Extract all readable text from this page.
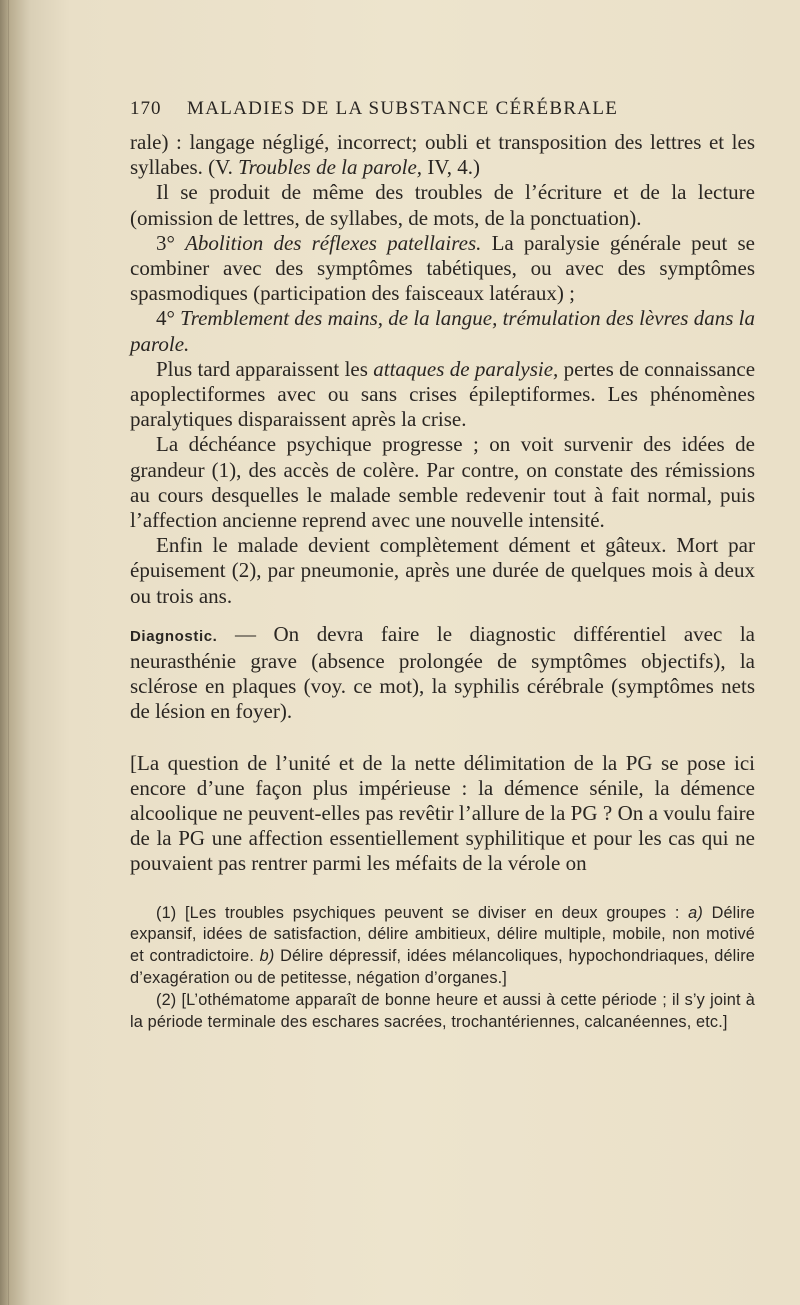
170 MALADIES DE LA SUBSTANCE CÉRÉBRALE

rale) : langage négligé, incorrect; oubli et transposition des lettres et les syllabes. (V. Troubles de la parole, IV, 4.)

Il se produit de même des troubles de l’écriture et de la lecture (omission de lettres, de syllabes, de mots, de la ponctuation).

3° Abolition des réflexes patellaires. La paralysie générale peut se combiner avec des symptômes tabétiques, ou avec des symptômes spasmodiques (participation des faisceaux latéraux) ;

4° Tremblement des mains, de la langue, trémulation des lèvres dans la parole.

Plus tard apparaissent les attaques de paralysie, pertes de connaissance apoplectiformes avec ou sans crises épileptiformes. Les phénomènes paralytiques disparaissent après la crise.

La déchéance psychique progresse ; on voit survenir des idées de grandeur (1), des accès de colère. Par contre, on constate des rémissions au cours desquelles le malade semble redevenir tout à fait normal, puis l’affection ancienne reprend avec une nouvelle intensité.

Enfin le malade devient complètement dément et gâteux. Mort par épuisement (2), par pneumonie, après une durée de quelques mois à deux ou trois ans.

Diagnostic. — On devra faire le diagnostic différentiel avec la neurasthénie grave (absence prolongée de symptômes objectifs), la sclérose en plaques (voy. ce mot), la syphilis cérébrale (symptômes nets de lésion en foyer).

[La question de l’unité et de la nette délimitation de la PG se pose ici encore d’une façon plus impérieuse : la démence sénile, la démence alcoolique ne peuvent-elles pas revêtir l’allure de la PG ? On a voulu faire de la PG une affection essentiellement syphilitique et pour les cas qui ne pouvaient pas rentrer parmi les méfaits de la vérole on

(1) [Les troubles psychiques peuvent se diviser en deux groupes : a) Délire expansif, idées de satisfaction, délire ambitieux, délire multiple, mobile, non motivé et contradictoire. b) Délire dépressif, idées mélancoliques, hypochondriaques, délire d’exagération ou de petitesse, négation d’organes.]

(2) [L’othématome apparaît de bonne heure et aussi à cette période ; il s’y joint à la période terminale des eschares sacrées, trochantériennes, calcanéennes, etc.]
